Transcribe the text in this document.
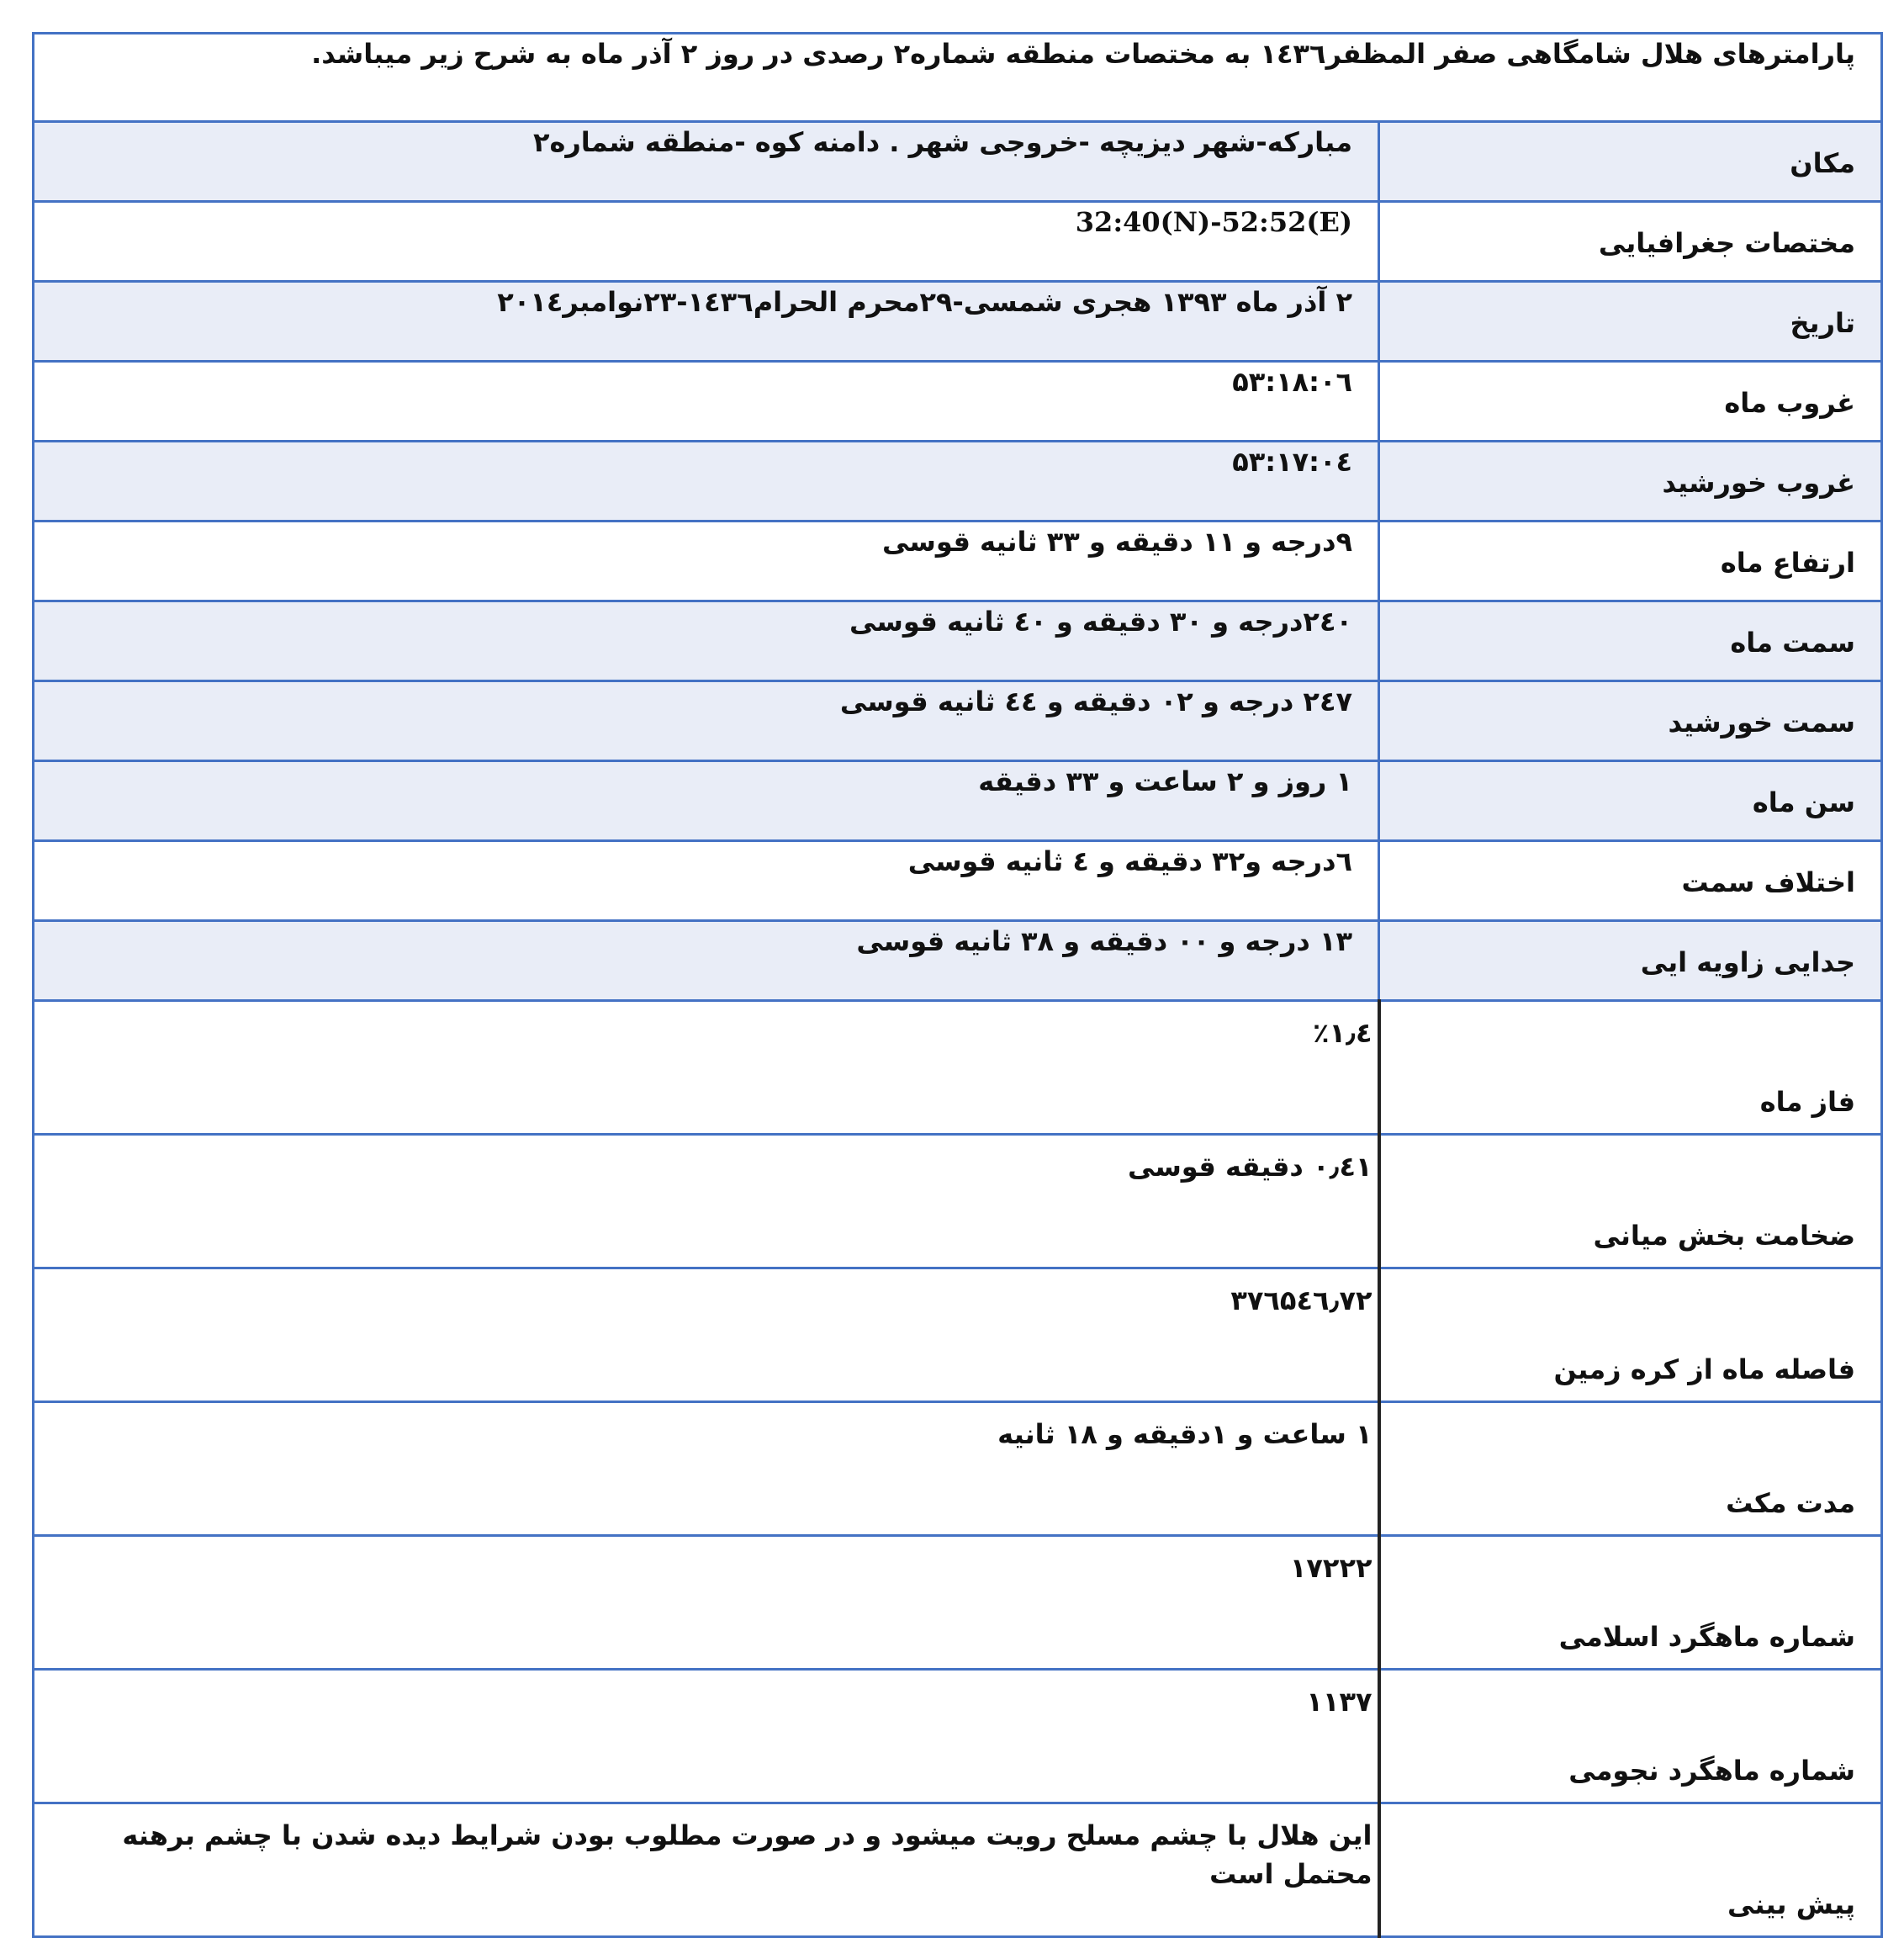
پارامترهای هلال شامگاهی صفر المظفر۱٤۳٦ به مختصات منطقه شماره۲ رصدی در روز ۲ آذر ماه به شرح زیر میباشد.	
مکان	مبارکه-شهر دیزیچه -خروجی شهر . دامنه کوه -منطقه شماره۲
مختصات جغرافیایی	32:40(N)-52:52(E)
تاریخ	۲ آذر ماه ۱۳۹۳ هجری شمسی-۲۹محرم الحرام۱٤۳٦-۲۳نوامبر۲۰۱٤
غروب ماه	۱۸:۰٦:۵۳
غروب خورشید	۱۷:۰٤:۵۳
ارتفاع ماه	۹درجه و ۱۱ دقیقه و ۳۳ ثانیه قوسی
سمت ماه	۲٤۰درجه و ۳۰ دقیقه و ٤۰ ثانیه قوسی
سمت خورشید	۲٤۷ درجه و ۰۲ دقیقه و ٤٤ ثانیه قوسی
سن ماه	۱ روز و ۲ ساعت و ۳۳ دقیقه
اختلاف سمت	٦درجه و۳۲ دقیقه و ٤ ثانیه قوسی
جدایی زاویه ایی	۱۳ درجه و ۰۰ دقیقه و ۳۸ ثانیه قوسی
فاز ماه	۱٫٤٪
ضخامت بخش میانی	۰٫٤۱ دقیقه قوسی
فاصله ماه از کره زمین	۳۷٦۵٤٦٫۷۲
مدت مکث	۱ ساعت و ۱دقیقه و ۱۸ ثانیه
شماره ماهگرد اسلامی	۱۷۲۲۲
شماره ماهگرد نجومی	۱۱۳۷
پیش بینی	این هلال با چشم مسلح رویت میشود و در صورت مطلوب بودن شرایط دیده شدن با چشم برهنه محتمل است
